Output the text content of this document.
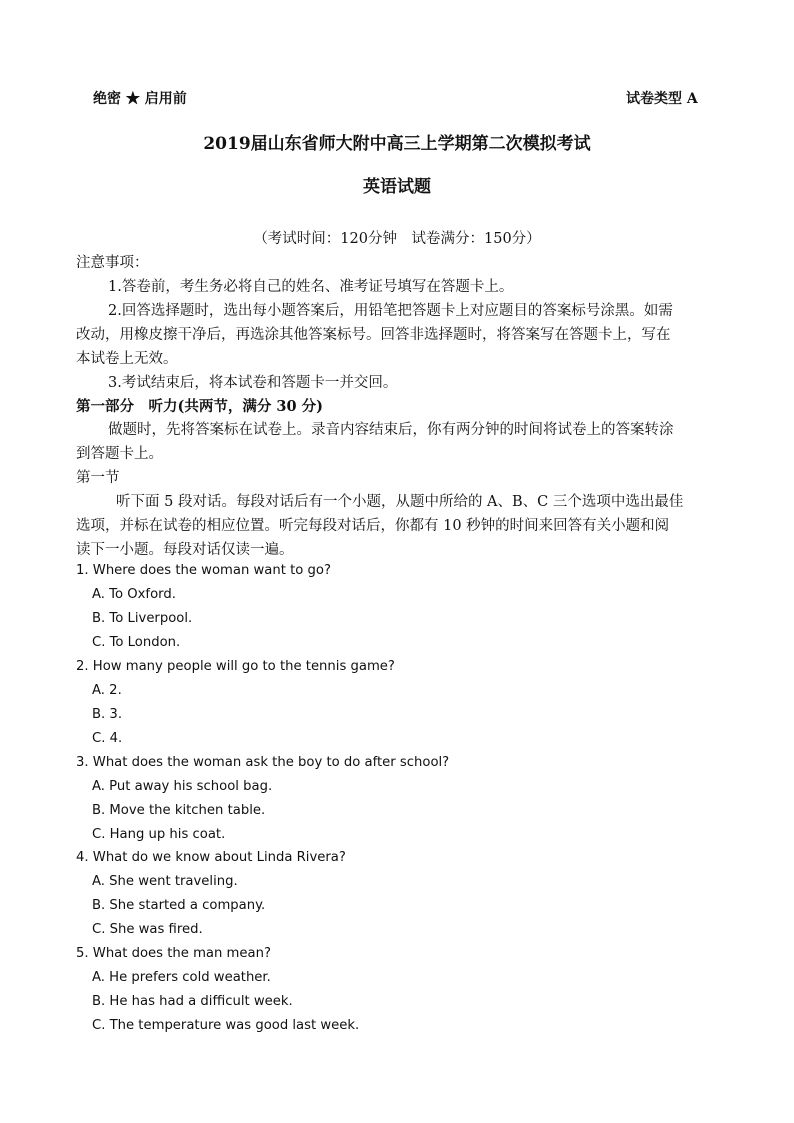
绝密 ★ 启用前	试卷类型 A
2019届山东省师大附中高三上学期第二次模拟考试
英语试题
（考试时间：120分钟　试卷满分：150分）
注意事项：
1.答卷前，考生务必将自己的姓名、准考证号填写在答题卡上。
2.回答选择题时，选出每小题答案后，用铅笔把答题卡上对应题目的答案标号涂黑。如需
改动，用橡皮擦干净后，再选涂其他答案标号。回答非选择题时，将答案写在答题卡上，写在
本试卷上无效。
3.考试结束后，将本试卷和答题卡一并交回。
第一部分　听力(共两节，满分 30 分)
做题时，先将答案标在试卷上。录音内容结束后，你有两分钟的时间将试卷上的答案转涂
到答题卡上。
第一节
听下面 5 段对话。每段对话后有一个小题，从题中所给的 A、B、C 三个选项中选出最佳
选项，并标在试卷的相应位置。听完每段对话后，你都有 10 秒钟的时间来回答有关小题和阅
读下一小题。每段对话仅读一遍。
1. Where does the woman want to go?
A. To Oxford.
B. To Liverpool.
C. To London.
2. How many people will go to the tennis game?
A. 2.
B. 3.
C. 4.
3. What does the woman ask the boy to do after school?
A. Put away his school bag.
B. Move the kitchen table.
C. Hang up his coat.
4. What do we know about Linda Rivera?
A. She went traveling.
B. She started a company.
C. She was fired.
5. What does the man mean?
A. He prefers cold weather.
B. He has had a difficult week.
C. The temperature was good last week.
